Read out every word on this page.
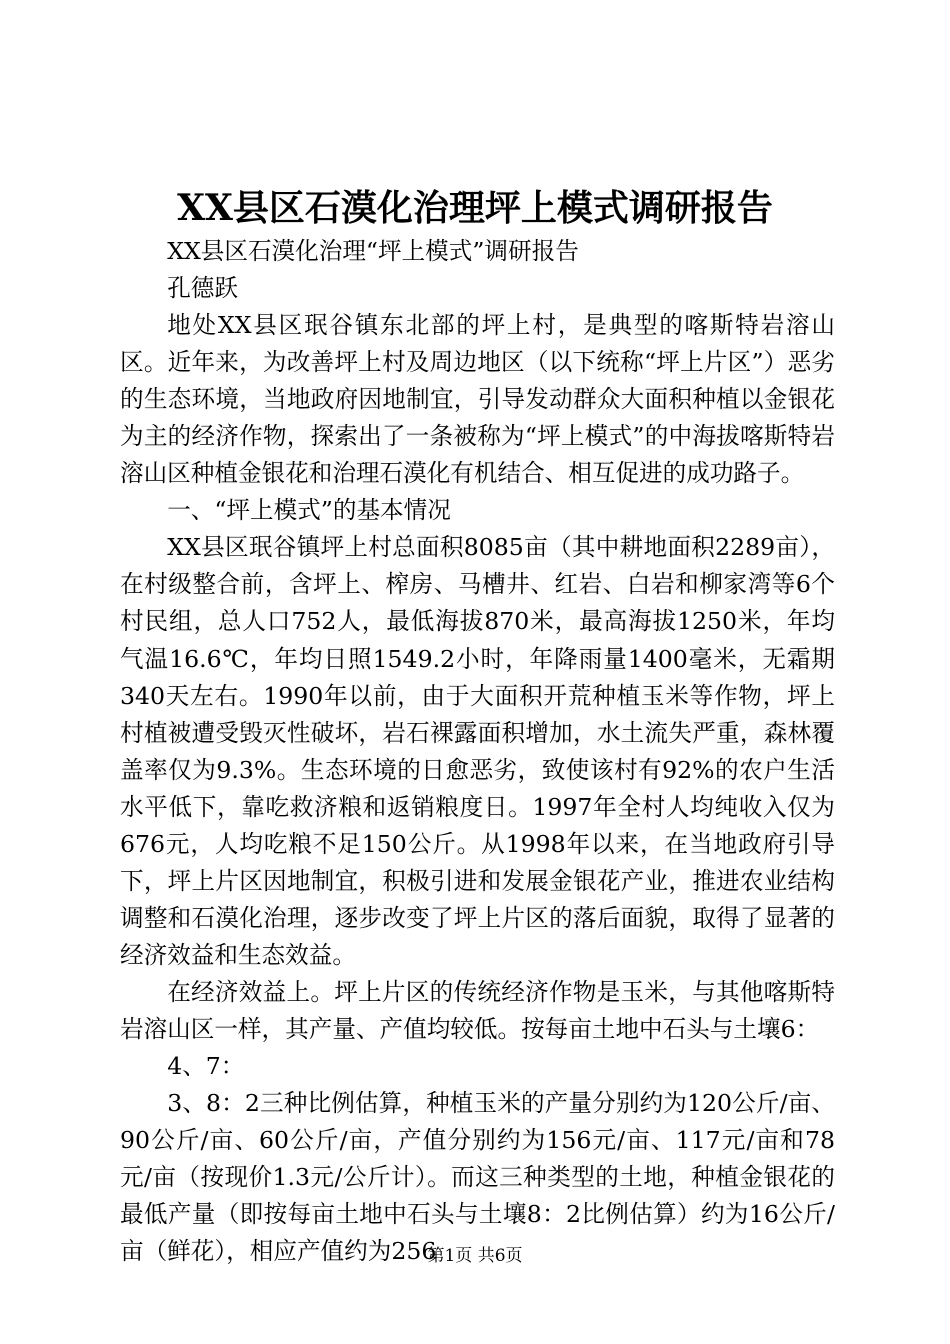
XX县区石漠化治理坪上模式调研报告

XX县区石漠化治理“坪上模式”调研报告

孔德跃

地处XX县区珉谷镇东北部的坪上村，是典型的喀斯特岩溶山区。近年来，为改善坪上村及周边地区（以下统称“坪上片区”）恶劣的生态环境，当地政府因地制宜，引导发动群众大面积种植以金银花为主的经济作物，探索出了一条被称为“坪上模式”的中海拔喀斯特岩溶山区种植金银花和治理石漠化有机结合、相互促进的成功路子。

一、“坪上模式”的基本情况

XX县区珉谷镇坪上村总面积8085亩（其中耕地面积2289亩），在村级整合前，含坪上、榨房、马槽井、红岩、白岩和柳家湾等6个村民组，总人口752人，最低海拔870米，最高海拔1250米，年均气温16.6℃，年均日照1549.2小时，年降雨量1400毫米，无霜期340天左右。1990年以前，由于大面积开荒种植玉米等作物，坪上村植被遭受毁灭性破坏，岩石裸露面积增加，水土流失严重，森林覆盖率仅为9.3%。生态环境的日愈恶劣，致使该村有92%的农户生活水平低下，靠吃救济粮和返销粮度日。1997年全村人均纯收入仅为676元，人均吃粮不足150公斤。从1998年以来，在当地政府引导下，坪上片区因地制宜，积极引进和发展金银花产业，推进农业结构调整和石漠化治理，逐步改变了坪上片区的落后面貌，取得了显著的经济效益和生态效益。

在经济效益上。坪上片区的传统经济作物是玉米，与其他喀斯特岩溶山区一样，其产量、产值均较低。按每亩土地中石头与土壤6：

4、7：

3、8：2三种比例估算，种植玉米的产量分别约为120公斤/亩、90公斤/亩、60公斤/亩，产值分别约为156元/亩、117元/亩和78元/亩（按现价1.3元/公斤计）。而这三种类型的土地，种植金银花的最低产量（即按每亩土地中石头与土壤8：2比例估算）约为16公斤/亩（鲜花），相应产值约为256

第1页 共6页
